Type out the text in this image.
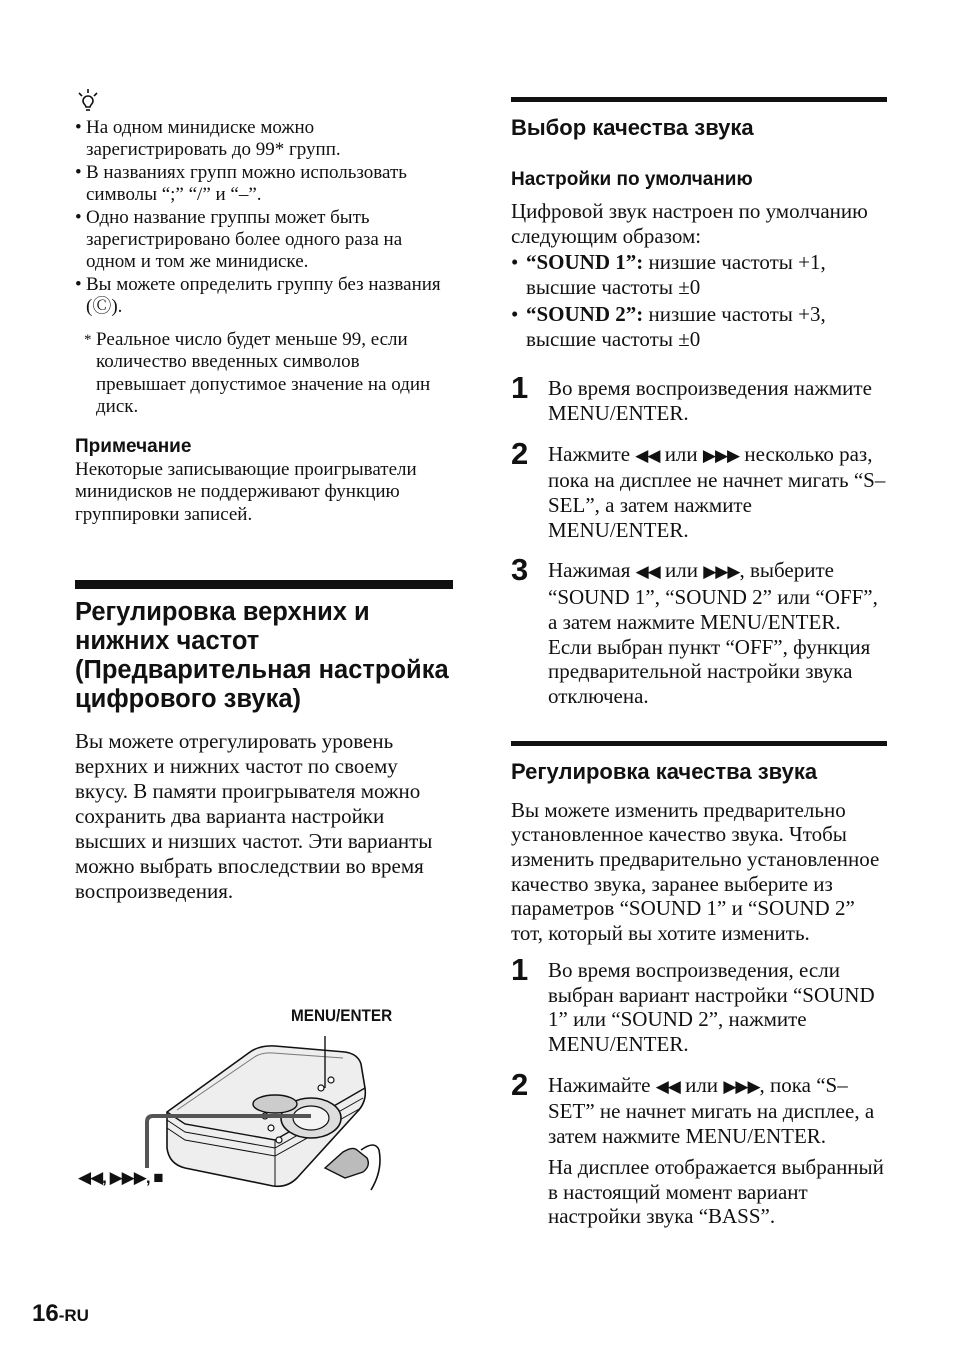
• На одном минидиске можно зарегистрировать до 99* групп.
• В названиях групп можно использовать символы “;” “/” и “–”.
• Одно название группы может быть зарегистрировано более одного раза на одном и том же минидиске.
• Вы можете определить группу без названия (Ⓒ).
* Реальное число будет меньше 99, если количество введенных символов превышает допустимое значение на один диск.
Примечание

Некоторые записывающие проигрыватели минидисков не поддерживают функцию группировки записей.

Регулировка верхних и нижних частот (Предварительная настройка цифрового звука)

Вы можете отрегулировать уровень верхних и нижних частот по своему вкусу. В памяти проигрывателя можно сохранить два варианта настройки высших и низших частот. Эти варианты можно выбрать впоследствии во время воспроизведения.

MENU/ENTER
◀◀, ▶▶▶, ■
Выбор качества звука
Настройки по умолчанию

Цифровой звук настроен по умолчанию следующим образом:

• “SOUND 1”: низшие частоты +1, высшие частоты ±0
• “SOUND 2”: низшие частоты +3, высшие частоты ±0
1 Во время воспроизведения нажмите MENU/ENTER.
2 Нажмите ◀◀ или ▶▶▶ несколько раз, пока на дисплее не начнет мигать “S–SEL”, а затем нажмите MENU/ENTER.
3 Нажимая ◀◀ или ▶▶▶, выберите “SOUND 1”, “SOUND 2” или “OFF”, а затем нажмите MENU/ENTER.
Если выбран пункт “OFF”, функция предварительной настройки звука отключена.
Регулировка качества звука

Вы можете изменить предварительно установленное качество звука. Чтобы изменить предварительно установленное качество звука, заранее выберите из параметров “SOUND 1” и “SOUND 2” тот, который вы хотите изменить.

1 Во время воспроизведения, если выбран вариант настройки “SOUND 1” или “SOUND 2”, нажмите MENU/ENTER.
2 Нажимайте ◀◀ или ▶▶▶, пока “S–SET” не начнет мигать на дисплее, а затем нажмите MENU/ENTER.
На дисплее отображается выбранный в настоящий момент вариант настройки звука “BASS”.
16-RU
